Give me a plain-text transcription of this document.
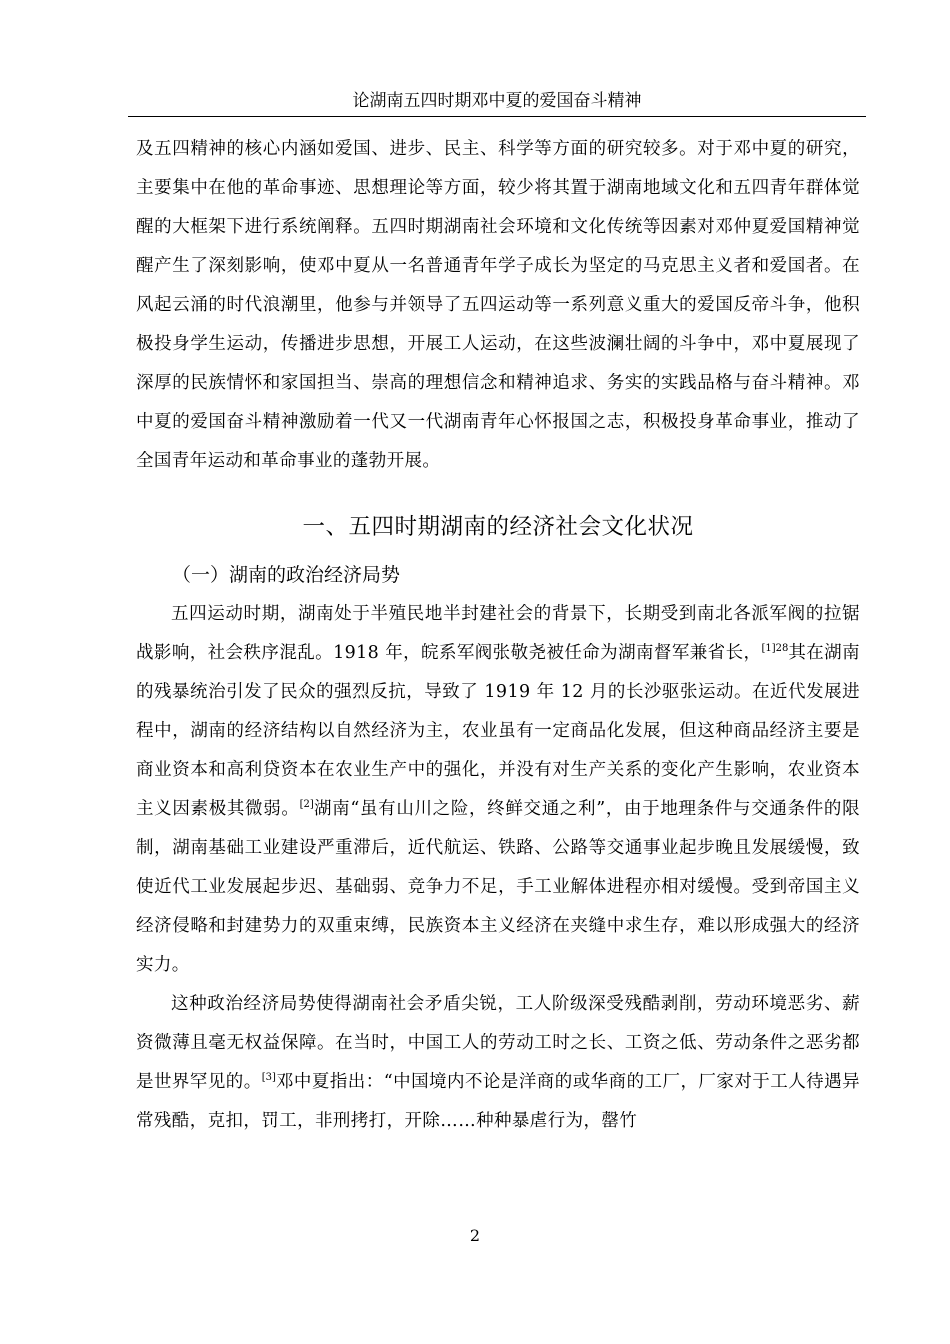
论湖南五四时期邓中夏的爱国奋斗精神

及五四精神的核心内涵如爱国、进步、民主、科学等方面的研究较多。对于邓中夏的研究，主要集中在他的革命事迹、思想理论等方面，较少将其置于湖南地域文化和五四青年群体觉醒的大框架下进行系统阐释。五四时期湖南社会环境和文化传统等因素对邓仲夏爱国精神觉醒产生了深刻影响，使邓中夏从一名普通青年学子成长为坚定的马克思主义者和爱国者。在风起云涌的时代浪潮里，他参与并领导了五四运动等一系列意义重大的爱国反帝斗争，他积极投身学生运动，传播进步思想，开展工人运动，在这些波澜壮阔的斗争中，邓中夏展现了深厚的民族情怀和家国担当、崇高的理想信念和精神追求、务实的实践品格与奋斗精神。邓中夏的爱国奋斗精神激励着一代又一代湖南青年心怀报国之志，积极投身革命事业，推动了全国青年运动和革命事业的蓬勃开展。

一、五四时期湖南的经济社会文化状况
（一）湖南的政治经济局势

五四运动时期，湖南处于半殖民地半封建社会的背景下，长期受到南北各派军阀的拉锯战影响，社会秩序混乱。1918 年，皖系军阀张敬尧被任命为湖南督军兼省长，$^{[1]28}$其在湖南的残暴统治引发了民众的强烈反抗，导致了 1919 年 12 月的长沙驱张运动。在近代发展进程中，湖南的经济结构以自然经济为主，农业虽有一定商品化发展，但这种商品经济主要是商业资本和高利贷资本在农业生产中的强化，并没有对生产关系的变化产生影响，农业资本主义因素极其微弱。[2]湖南“虽有山川之险，终鲜交通之利”，由于地理条件与交通条件的限制，湖南基础工业建设严重滞后，近代航运、铁路、公路等交通事业起步晚且发展缓慢，致使近代工业发展起步迟、基础弱、竞争力不足，手工业解体进程亦相对缓慢。受到帝国主义经济侵略和封建势力的双重束缚，民族资本主义经济在夹缝中求生存，难以形成强大的经济实力。

这种政治经济局势使得湖南社会矛盾尖锐，工人阶级深受残酷剥削，劳动环境恶劣、薪资微薄且毫无权益保障。在当时，中国工人的劳动工时之长、工资之低、劳动条件之恶劣都是世界罕见的。[3]邓中夏指出：“中国境内不论是洋商的或华商的工厂，厂家对于工人待遇异常残酷，克扣，罚工，非刑拷打，开除……种种暴虐行为，罄竹

2
